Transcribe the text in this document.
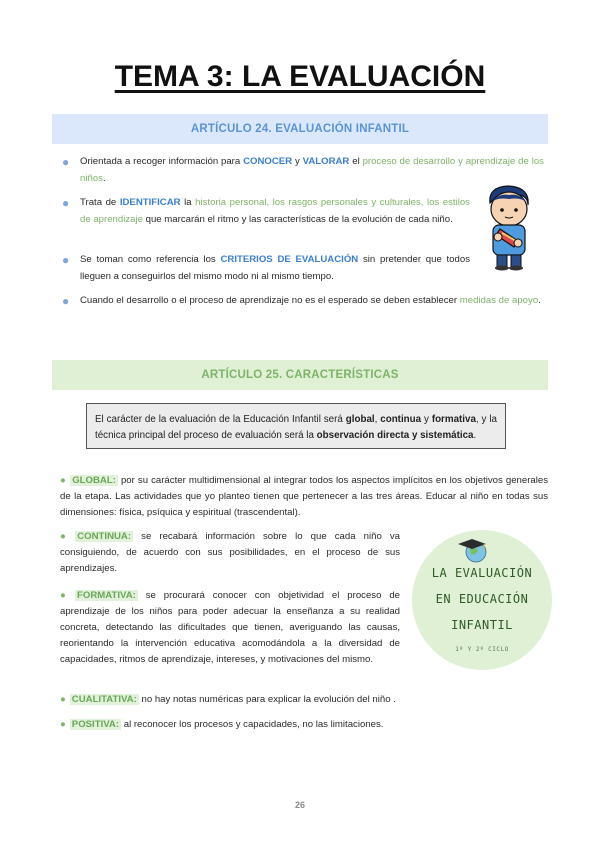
TEMA 3: LA EVALUACIÓN
ARTÍCULO 24. EVALUACIÓN INFANTIL
● Orientada a recoger información para CONOCER y VALORAR el proceso de desarrollo y aprendizaje de los niños.
● Trata de IDENTIFICAR la historia personal, los rasgos personales y culturales, los estilos de aprendizaje que marcarán el ritmo y las características de la evolución de cada niño.
● Se toman como referencia los CRITERIOS DE EVALUACIÓN sin pretender que todos lleguen a conseguirlos del mismo modo ni al mismo tiempo.
● Cuando el desarrollo o el proceso de aprendizaje no es el esperado se deben establecer medidas de apoyo.
ARTÍCULO 25. CARACTERÍSTICAS
El carácter de la evaluación de la Educación Infantil será global, continua y formativa, y la técnica principal del proceso de evaluación será la observación directa y sistemática.
● GLOBAL: por su carácter multidimensional al integrar todos los aspectos implícitos en los objetivos generales de la etapa. Las actividades que yo planteo tienen que pertenecer a las tres áreas. Educar al niño en todas sus dimensiones: física, psíquica y espiritual (trascendental).
● CONTINUA: se recabará información sobre lo que cada niño va consiguiendo, de acuerdo con sus posibilidades, en el proceso de sus aprendizajes.
● FORMATIVA: se procurará conocer con objetividad el proceso de aprendizaje de los niños para poder adecuar la enseñanza a su realidad concreta, detectando las dificultades que tienen, averiguando las causas, reorientando la intervención educativa acomodándola a la diversidad de capacidades, ritmos de aprendizaje, intereses, y motivaciones del mismo.
● CUALITATIVA: no hay notas numéricas para explicar la evolución del niño .
● POSITIVA: al reconocer los procesos y capacidades, no las limitaciones.
LA EVALUACIÓN
EN EDUCACIÓN
INFANTIL
1º Y 2º CICLO
26
